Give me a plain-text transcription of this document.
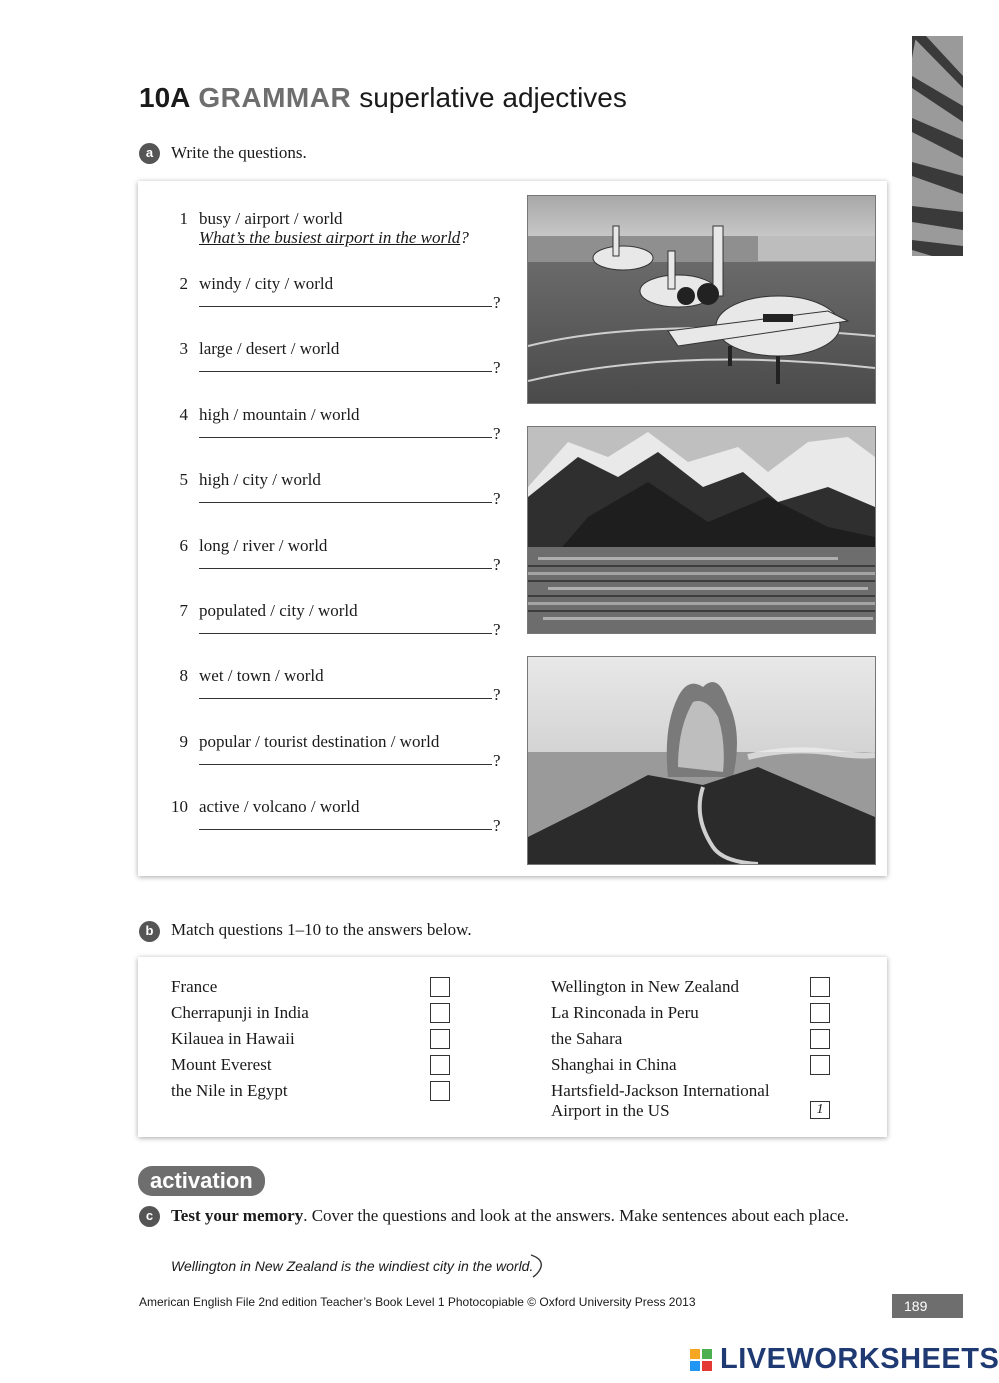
10A GRAMMAR superlative adjectives
a	Write the questions.
1 busy / airport / world
What’s the busiest airport in the world?
2 windy / city / world
?
3 large / desert / world
?
4 high / mountain / world
?
5 high / city / world
?
6 long / river / world
?
7 populated / city / world
?
8 wet / town / world
?
9 popular / tourist destination / world
?
10 active / volcano / world
?
b	Match questions 1–10 to the answers below.
France
Cherrapunji in India
Kilauea in Hawaii
Mount Everest
the Nile in Egypt
Wellington in New Zealand
La Rinconada in Peru
the Sahara
Shanghai in China
Hartsfield-Jackson International
Airport in the US	1
activation
c	Test your memory. Cover the questions and look at the answers. Make sentences about each place.
Wellington in New Zealand is the windiest city in the world.
American English File 2nd edition Teacher’s Book Level 1 Photocopiable © Oxford University Press 2013	189
LIVEWORKSHEETS
